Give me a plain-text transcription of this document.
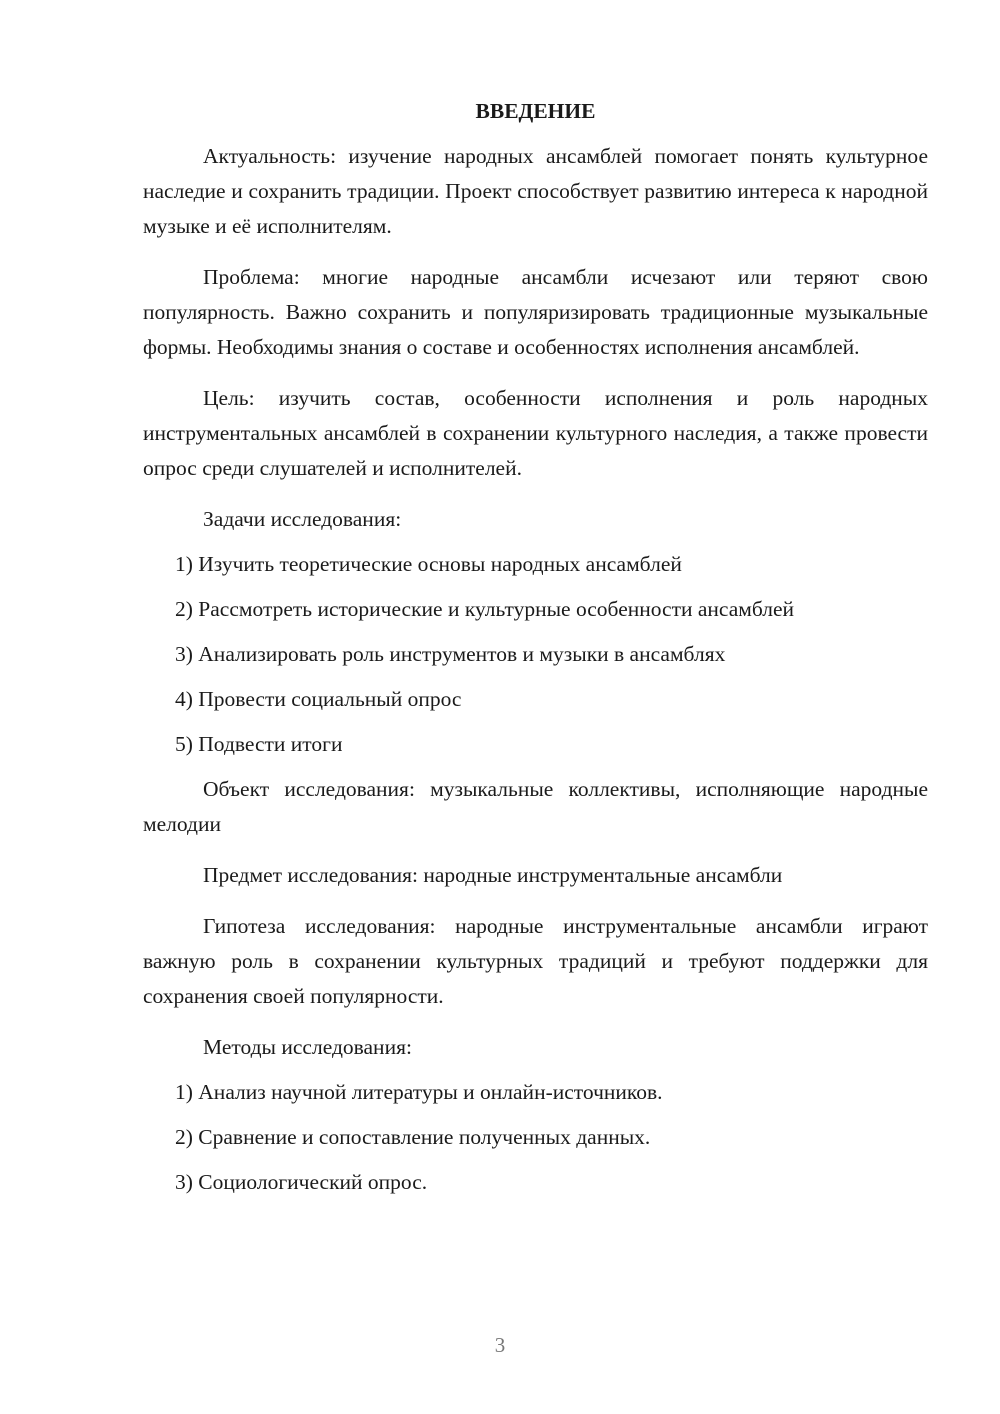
ВВЕДЕНИЕ

Актуальность: изучение народных ансамблей помогает понять культурное наследие и сохранить традиции. Проект способствует развитию интереса к народной музыке и её исполнителям.

Проблема: многие народные ансамбли исчезают или теряют свою популярность. Важно сохранить и популяризировать традиционные музыкальные формы. Необходимы знания о составе и особенностях исполнения ансамблей.

Цель: изучить состав, особенности исполнения и роль народных инструментальных ансамблей в сохранении культурного наследия, а также провести опрос среди слушателей и исполнителей.

Задачи исследования:

1) Изучить теоретические основы народных ансамблей
2) Рассмотреть исторические и культурные особенности ансамблей
3) Анализировать роль инструментов и музыки в ансамблях
4) Провести социальный опрос
5) Подвести итоги

Объект исследования: музыкальные коллективы, исполняющие народные мелодии

Предмет исследования: народные инструментальные ансамбли

Гипотеза исследования: народные инструментальные ансамбли играют важную роль в сохранении культурных традиций и требуют поддержки для сохранения своей популярности.

Методы исследования:

1) Анализ научной литературы и онлайн-источников.
2) Сравнение и сопоставление полученных данных.
3) Социологический опрос.
3
